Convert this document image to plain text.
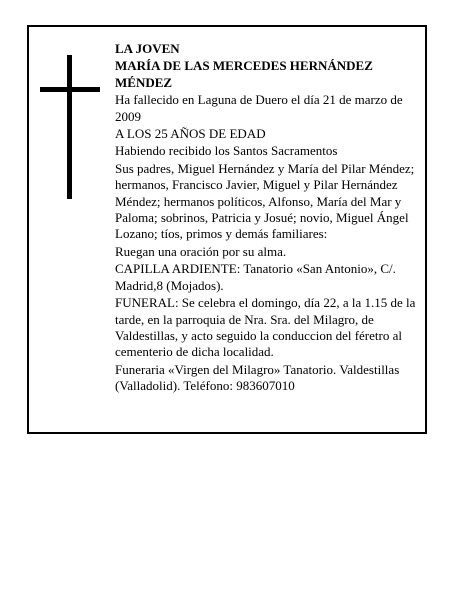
LA JOVEN

MARÍA DE LAS MERCEDES HERNÁNDEZ MÉNDEZ

Ha fallecido en Laguna de Duero el día 21 de marzo de 2009

A LOS 25 AÑOS DE EDAD

Habiendo recibido los Santos Sacramentos

Sus padres, Miguel Hernández y María del Pilar Méndez; hermanos, Francisco Javier, Miguel y Pilar Hernández Méndez; hermanos políticos, Alfonso, María del Mar y Paloma; sobrinos, Patricia y Josué; novio, Miguel Ángel Lozano; tíos, primos y demás familiares:

Ruegan una oración por su alma.

CAPILLA ARDIENTE: Tanatorio «San Antonio», C/. Madrid,8 (Mojados).

FUNERAL: Se celebra el domingo, día 22, a la 1.15 de la tarde, en la parroquia de Nra. Sra. del Milagro, de Valdestillas, y acto seguido la conduccion del féretro al cementerio de dicha localidad.

Funeraria «Virgen del Milagro» Tanatorio. Valdestillas (Valladolid). Teléfono: 983607010
